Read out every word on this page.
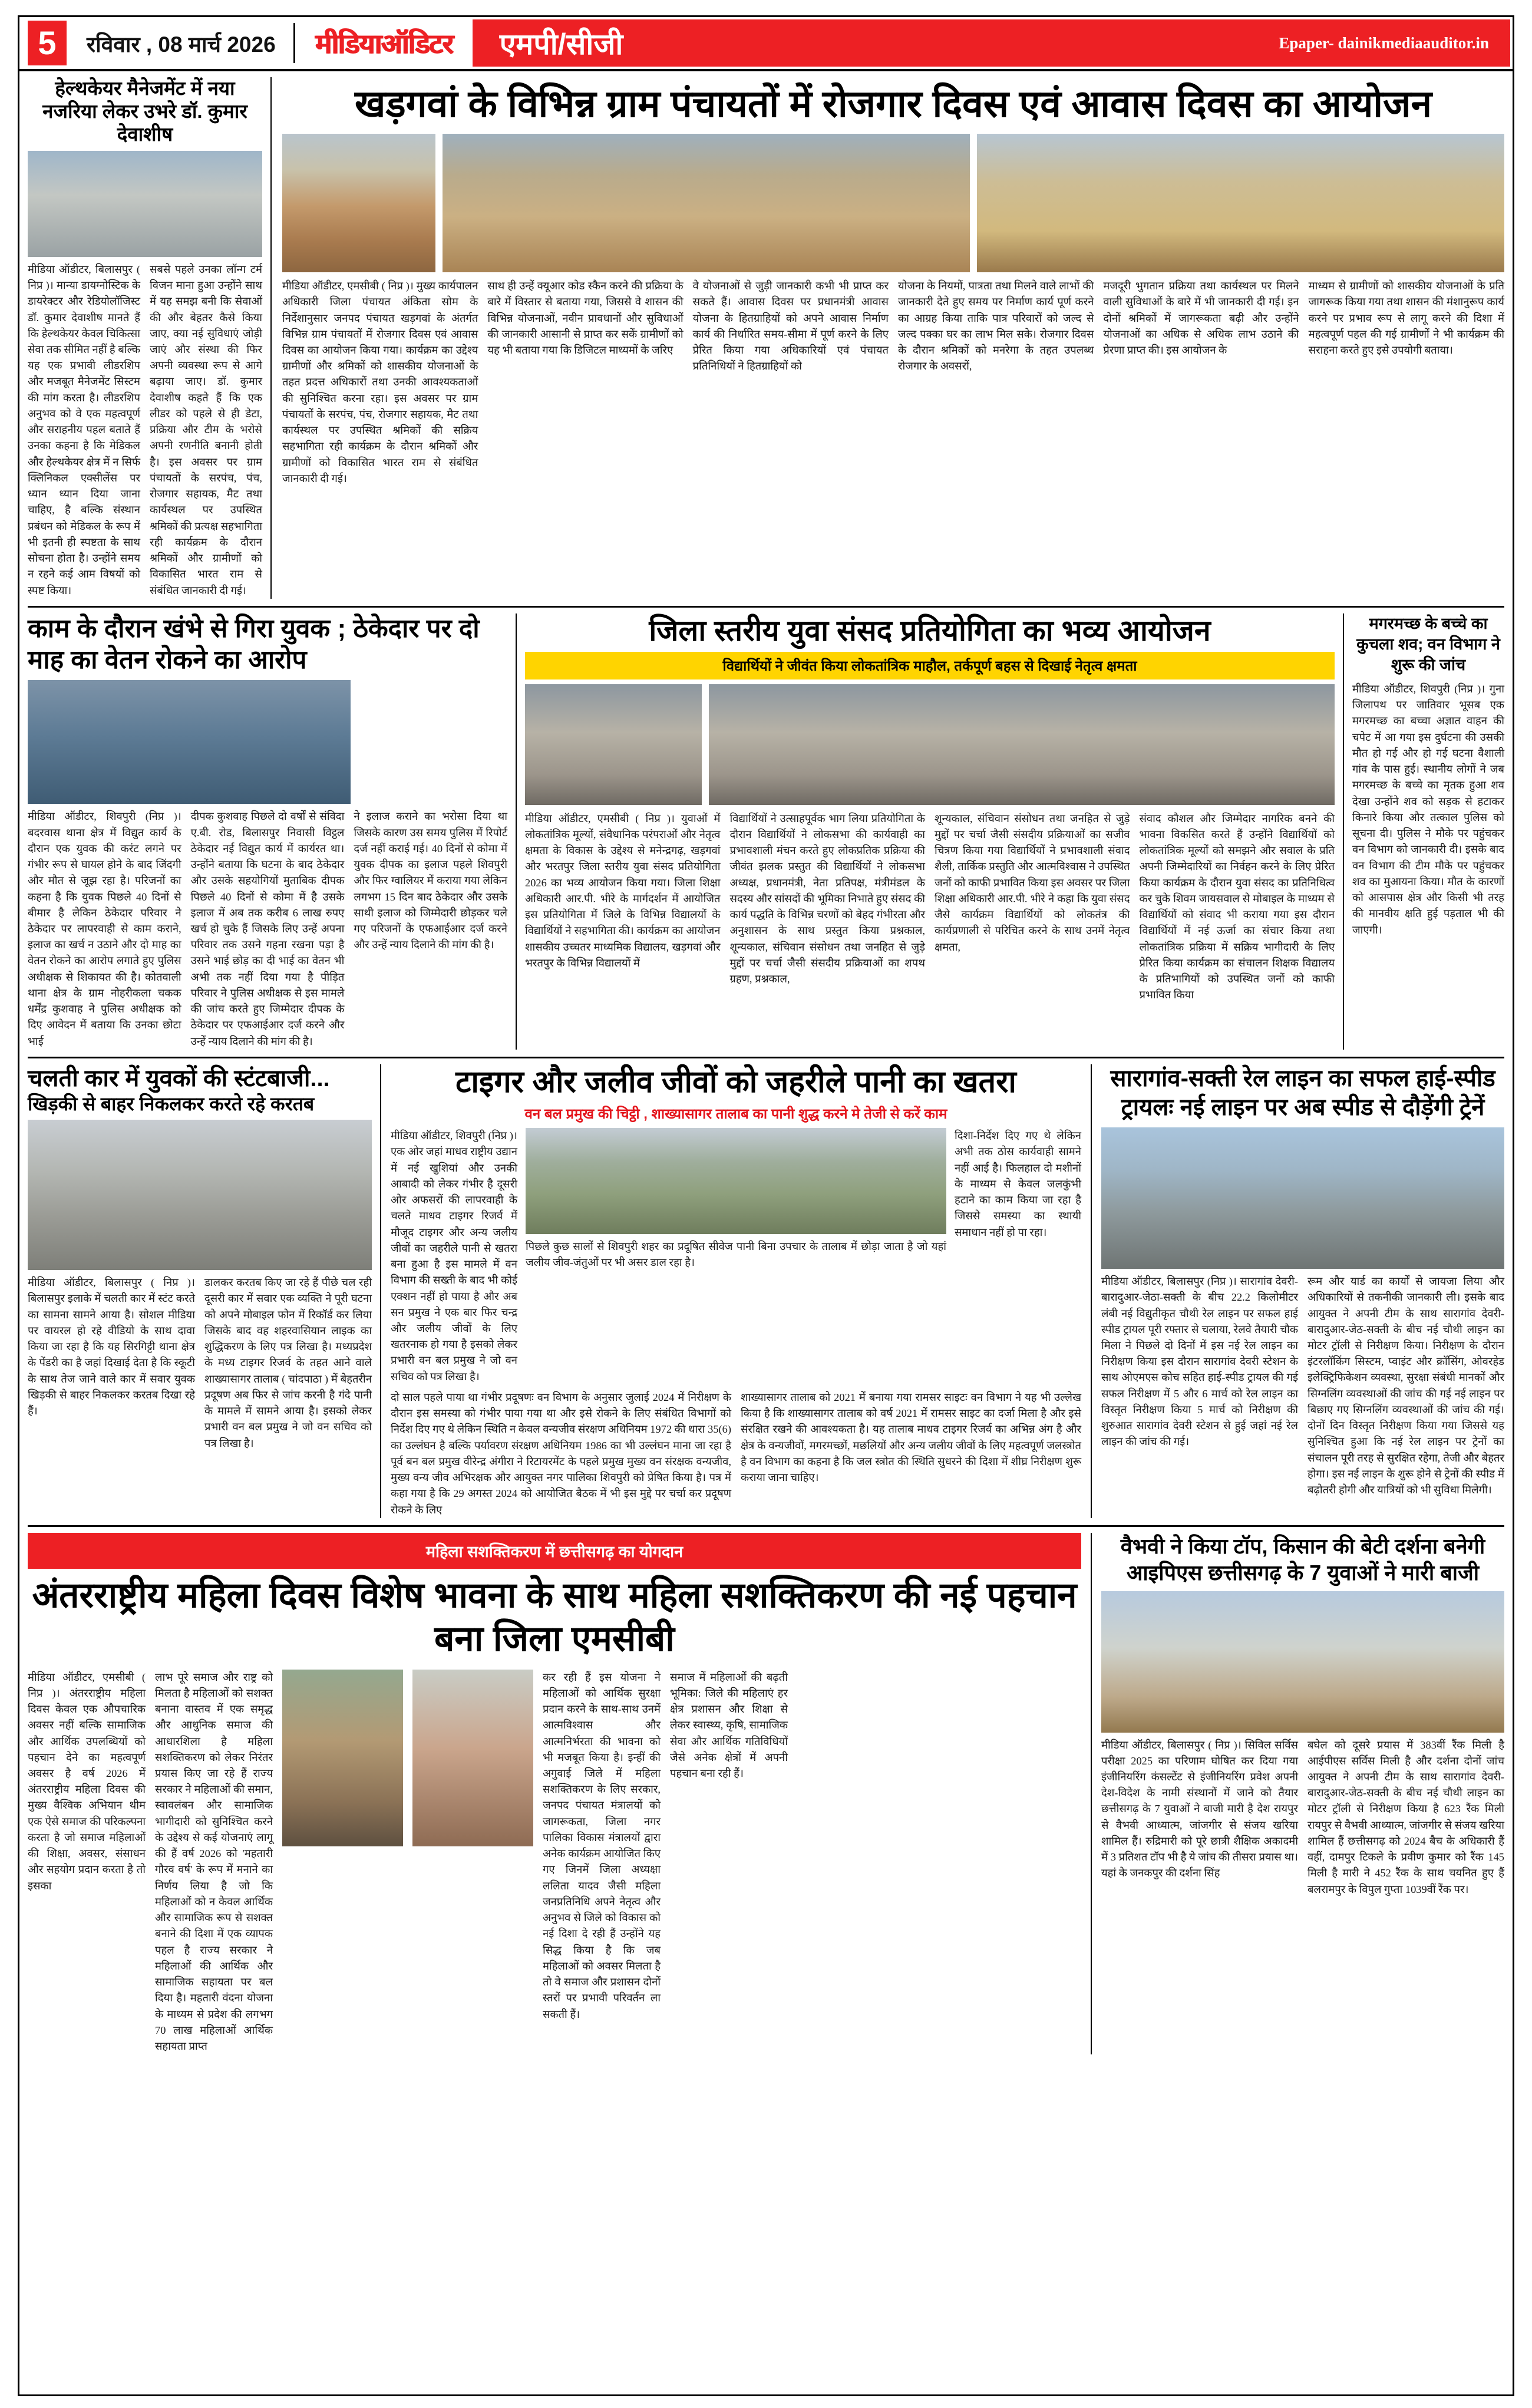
5	रविवार , 08 मार्च 2026	मीडियाऑडिटर	एमपी/सीजी	Epaper- dainikmediaauditor.in
हेल्थकेयर मैनेजमेंट में नया नजरिया लेकर उभरे डॉ. कुमार देवाशीष
मीडिया ऑडीटर, बिलासपुर ( निप्र )। मान्या डायग्नोस्टिक के डायरेक्टर और रेडियोलॉजिस्ट डॉ. कुमार देवाशीष मानते हैं कि हेल्थकेयर केवल चिकित्सा सेवा तक सीमित नहीं है बल्कि यह एक प्रभावी लीडरशिप और मजबूत मैनेजमेंट सिस्टम की मांग करता है। लीडरशिप अनुभव को वे एक महत्वपूर्ण और सराहनीय पहल बताते हैं उनका कहना है कि मेडिकल और हेल्थकेयर क्षेत्र में न सिर्फ क्लिनिकल एक्सीलेंस पर ध्यान ध्यान दिया जाना चाहिए, है बल्कि संस्थान प्रबंधन को मेडिकल के रूप में भी इतनी ही स्पष्टता के साथ सोचना होता है। उन्होंने समय न रहने कई आम विषयों को स्पष्ट किया।
सबसे पहले उनका लॉन्ग टर्म विजन माना हुआ उन्होंने साथ में यह समझ बनी कि सेवाओं की और बेहतर कैसे किया जाए, क्या नई सुविधाएं जोड़ी जाएं और संस्था की फिर अपनी व्यवस्था रूप से आगे बढ़ाया जाए। डॉ. कुमार देवाशीष कहते हैं कि एक लीडर को पहले से ही डेटा, प्रक्रिया और टीम के भरोसे अपनी रणनीति बनानी होती है। इस अवसर पर ग्राम पंचायतों के सरपंच, पंच, रोजगार सहायक, मैट तथा कार्यस्थल पर उपस्थित श्रमिकों की प्रत्यक्ष सहभागिता रही कार्यक्रम के दौरान श्रमिकों और ग्रामीणों को विकासित भारत राम से संबंधित जानकारी दी गई।
खड़गवां के विभिन्न ग्राम पंचायतों में रोजगार दिवस एवं आवास दिवस का आयोजन
मीडिया ऑडीटर, एमसीबी ( निप्र )। मुख्य कार्यपालन अधिकारी जिला पंचायत अंकिता सोम के निर्देशानुसार जनपद पंचायत खड़गवां के अंतर्गत विभिन्न ग्राम पंचायतों में रोजगार दिवस एवं आवास दिवस का आयोजन किया गया। कार्यक्रम का उद्देश्य ग्रामीणों और श्रमिकों को शासकीय योजनाओं के तहत प्रदत्त अधिकारों तथा उनकी आवश्यकताओं की सुनिश्चित करना रहा। इस अवसर पर ग्राम पंचायतों के सरपंच, पंच, रोजगार सहायक, मैट तथा कार्यस्थल पर उपस्थित श्रमिकों की सक्रिय सहभागिता रही कार्यक्रम के दौरान श्रमिकों और ग्रामीणों को विकासित भारत राम से संबंधित जानकारी दी गई।
साथ ही उन्हें क्यूआर कोड स्कैन करने की प्रक्रिया के बारे में विस्तार से बताया गया, जिससे वे शासन की विभिन्न योजनाओं, नवीन प्रावधानों और सुविधाओं की जानकारी आसानी से प्राप्त कर सकें ग्रामीणों को यह भी बताया गया कि डिजिटल माध्यमों के जरिए
वे योजनाओं से जुड़ी जानकारी कभी भी प्राप्त कर सकते हैं। आवास दिवस पर प्रधानमंत्री आवास योजना के हितग्राहियों को अपने आवास निर्माण कार्य की निर्धारित समय-सीमा में पूर्ण करने के लिए प्रेरित किया गया अधिकारियों एवं पंचायत प्रतिनिधियों ने हितग्राहियों को
योजना के नियमों, पात्रता तथा मिलने वाले लाभों की जानकारी देते हुए समय पर निर्माण कार्य पूर्ण करने का आग्रह किया ताकि पात्र परिवारों को जल्द से जल्द पक्का घर का लाभ मिल सके। रोजगार दिवस के दौरान श्रमिकों को मनरेगा के तहत उपलब्ध रोजगार के अवसरों,
मजदूरी भुगतान प्रक्रिया तथा कार्यस्थल पर मिलने वाली सुविधाओं के बारे में भी जानकारी दी गई। इन दोनों श्रमिकों में जागरूकता बढ़ी और उन्होंने योजनाओं का अधिक से अधिक लाभ उठाने की प्रेरणा प्राप्त की। इस आयोजन के
माध्यम से ग्रामीणों को शासकीय योजनाओं के प्रति जागरूक किया गया तथा शासन की मंशानुरूप कार्य करने पर प्रभाव रूप से लागू करने की दिशा में महत्वपूर्ण पहल की गई ग्रामीणों ने भी कार्यक्रम की सराहना करते हुए इसे उपयोगी बताया।
काम के दौरान खंभे से गिरा युवक ; ठेकेदार पर दो माह का वेतन रोकने का आरोप
मीडिया ऑडीटर, शिवपुरी (निप्र )। बदरवास थाना क्षेत्र में विद्युत कार्य के दौरान एक युवक की करंट लगने पर गंभीर रूप से घायल होने के बाद जिंदगी और मौत से जूझ रहा है। परिजनों का कहना है कि युवक पिछले 40 दिनों से बीमार है लेकिन ठेकेदार परिवार ने ठेकेदार पर लापरवाही से काम कराने, इलाज का खर्च न उठाने और दो माह का वेतन रोकने का आरोप लगाते हुए पुलिस अधीक्षक से शिकायत की है। कोतवाली थाना क्षेत्र के ग्राम नोहरीकला चकक धर्मेंद्र कुशवाह ने पुलिस अधीक्षक को दिए आवेदन में बताया कि उनका छोटा भाई
दीपक कुशवाह पिछले दो वर्षों से संविदा ए.बी. रोड, बिलासपुर निवासी विट्ठल ठेकेदार नर्ई विद्युत कार्य में कार्यरत था। उन्होंने बताया कि घटना के बाद ठेकेदार और उसके सहयोगियों मुताबिक दीपक पिछले 40 दिनों से कोमा में है उसके इलाज में अब तक करीब 6 लाख रुपए खर्च हो चुके हैं जिसके लिए उन्हें अपना परिवार तक उसने गहना रखना पड़ा है उसने भाई छोड़ का दी भाई का वेतन भी अभी तक नहीं दिया गया है पीड़ित परिवार ने पुलिस अधीक्षक से इस मामले की जांच करते हुए जिम्मेदार दीपक के ठेकेदार पर एफआईआर दर्ज करने और उन्हें न्याय दिलाने की मांग की है।
ने इलाज कराने का भरोसा दिया था जिसके कारण उस समय पुलिस में रिपोर्ट दर्ज नहीं कराई गई। 40 दिनों से कोमा में युवक दीपक का इलाज पहले शिवपुरी और फिर ग्वालियर में कराया गया लेकिन लगभग 15 दिन बाद ठेकेदार और उसके साथी इलाज को जिम्मेदारी छोड़कर चले गए परिजनों के एफआईआर दर्ज करने और उन्हें न्याय दिलाने की मांग की है।
जिला स्तरीय युवा संसद प्रतियोगिता का भव्य आयोजन
विद्यार्थियों ने जीवंत किया लोकतांत्रिक माहौल, तर्कपूर्ण बहस से दिखाई नेतृत्व क्षमता
मीडिया ऑडीटर, एमसीबी ( निप्र )। युवाओं में लोकतांत्रिक मूल्यों, संवैधानिक परंपराओं और नेतृत्व क्षमता के विकास के उद्देश्य से मनेन्द्रगढ़, खड़गवां और भरतपुर जिला स्तरीय युवा संसद प्रतियोगिता 2026 का भव्य आयोजन किया गया। जिला शिक्षा अधिकारी आर.पी. भीरे के मार्गदर्शन में आयोजित इस प्रतियोगिता में जिले के विभिन्न विद्यालयों के विद्यार्थियों ने सहभागिता की। कार्यक्रम का आयोजन शासकीय उच्चतर माध्यमिक विद्यालय, खड़गवां और भरतपुर के विभिन्न विद्यालयों में
विद्यार्थियों ने उत्साहपूर्वक भाग लिया प्रतियोगिता के दौरान विद्यार्थियों ने लोकसभा की कार्यवाही का प्रभावशाली मंचन करते हुए लोकप्रतिक प्रक्रिया की जीवंत झलक प्रस्तुत की विद्यार्थियों ने लोकसभा अध्यक्ष, प्रधानमंत्री, नेता प्रतिपक्ष, मंत्रीमंडल के सदस्य और सांसदों की भूमिका निभाते हुए संसद की कार्य पद्धति के विभिन्न चरणों को बेहद गंभीरता और अनुशासन के साथ प्रस्तुत किया प्रश्नकाल, शून्यकाल, संचिवान संसोधन तथा जनहित से जुड़े मुद्दों पर चर्चा जैसी संसदीय प्रक्रियाओं का शपथ ग्रहण, प्रश्नकाल,
शून्यकाल, संचिवान संसोधन तथा जनहित से जुड़े मुद्दों पर चर्चा जैसी संसदीय प्रक्रियाओं का सजीव चित्रण किया गया विद्यार्थियों ने प्रभावशाली संवाद शैली, तार्किक प्रस्तुति और आत्मविश्वास ने उपस्थित जनों को काफी प्रभावित किया इस अवसर पर जिला शिक्षा अधिकारी आर.पी. भीरे ने कहा कि युवा संसद जैसे कार्यक्रम विद्यार्थियों को लोकतंत्र की कार्यप्रणाली से परिचित करने के साथ उनमें नेतृत्व क्षमता,
संवाद कौशल और जिम्मेदार नागरिक बनने की भावना विकसित करते हैं उन्होंने विद्यार्थियों को लोकतांत्रिक मूल्यों को समझने और सवाल के प्रति अपनी जिम्मेदारियों का निर्वहन करने के लिए प्रेरित किया कार्यक्रम के दौरान युवा संसद का प्रतिनिधित्व कर चुके शिवम जायसवाल से मोबाइल के माध्यम से विद्यार्थियों को संवाद भी कराया गया इस दौरान विद्यार्थियों में नई ऊर्जा का संचार किया तथा लोकतांत्रिक प्रक्रिया में सक्रिय भागीदारी के लिए प्रेरित किया कार्यक्रम का संचालन शिक्षक विद्यालय के प्रतिभागियों को उपस्थित जनों को काफी प्रभावित किया
मगरमच्छ के बच्चे का कुचला शव; वन विभाग ने शुरू की जांच
मीडिया ऑडीटर, शिवपुरी (निप्र )। गुना जिलापथ पर जातिवार भूसब एक मगरमच्छ का बच्चा अज्ञात वाहन की चपेट में आ गया इस दुर्घटना की उसकी मौत हो गई और हो गई घटना वैशाली गांव के पास हुई। स्थानीय लोगों ने जब मगरमच्छ के बच्चे का मृतक हुआ शव देखा उन्होंने शव को सड़क से हटाकर किनारे किया और तत्काल पुलिस को सूचना दी। पुलिस ने मौके पर पहुंचकर वन विभाग को जानकारी दी। इसके बाद वन विभाग की टीम मौके पर पहुंचकर शव का मुआयना किया। मौत के कारणों को आसपास क्षेत्र और किसी भी तरह की मानवीय क्षति हुई पड़ताल भी की जाएगी।
चलती कार में युवकों की स्टंटबाजी...
खिड़की से बाहर निकलकर करते रहे करतब
मीडिया ऑडीटर, बिलासपुर ( निप्र )। बिलासपुर इलाके में चलती कार में स्टंट करते का सामना सामने आया है। सोशल मीडिया पर वायरल हो रहे वीडियो के साथ दावा किया जा रहा है कि यह सिरगिट्टी थाना क्षेत्र के पेंडरी का है जहां दिखाई देता है कि स्कूटी के साथ तेज जाने वाले कार में सवार युवक खिड़की से बाहर निकलकर करतब दिखा रहे हैं।
डालकर करतब किए जा रहे हैं पीछे चल रही दूसरी कार में सवार एक व्यक्ति ने पूरी घटना को अपने मोबाइल फोन में रिकॉर्ड कर लिया जिसके बाद वह शहरवासियान लाइक का शुद्धिकरण के लिए पत्र लिखा है। मध्यप्रदेश के मध्य टाइगर रिजर्व के तहत आने वाले शाख्यासागर तालाब ( चांदपाठा ) में बेहतरीन प्रदूषण अब फिर से जांच करनी है गंदे पानी के मामले में सामने आया है। इसको लेकर प्रभारी वन बल प्रमुख ने जो वन सचिव को पत्र लिखा है।
टाइगर और जलीव जीवों को जहरीले पानी का खतरा
वन बल प्रमुख की चिट्ठी , शाख्यासागर तालाब का पानी शुद्ध करने मे तेजी से करें काम
मीडिया ऑडीटर, शिवपुरी (निप्र )। एक ओर जहां माधव राष्ट्रीय उद्यान में नई खुशियां और उनकी आबादी को लेकर गंभीर है दूसरी ओर अफसरों की लापरवाही के चलते माधव टाइगर रिजर्व में मौजूद टाइगर और अन्य जलीय जीवों का जहरीले पानी से खतरा बना हुआ है इस मामले में वन विभाग की सख्ती के बाद भी कोई एक्शन नहीं हो पाया है और अब सन प्रमुख ने एक बार फिर चन्द्र और जलीय जीवों के लिए खतरनाक हो गया है इसको लेकर प्रभारी वन बल प्रमुख ने जो वन सचिव को पत्र लिखा है।
पिछले कुछ सालों से शिवपुरी शहर का प्रदूषित सीवेज पानी बिना उपचार के तालाब में छोड़ा जाता है जो यहां जलीय जीव-जंतुओं पर भी असर डाल रहा है।
दिशा-निर्देश दिए गए थे लेकिन अभी तक ठोस कार्यवाही सामने नहीं आई है। फिलहाल दो मशीनों के माध्यम से केवल जलकुंभी हटाने का काम किया जा रहा है जिससे समस्या का स्थायी समाधान नहीं हो पा रहा।
दो साल पहले पाया था गंभीर प्रदूषणः वन विभाग के अनुसार जुलाई 2024 में निरीक्षण के दौरान इस समस्या को गंभीर पाया गया था और इसे रोकने के लिए संबंधित विभागों को निर्देश दिए गए थे लेकिन स्थिति न केवल वन्यजीव संरक्षण अधिनियम 1972 की धारा 35(6) का उल्लंघन है बल्कि पर्यावरण संरक्षण अधिनियम 1986 का भी उल्लंघन माना जा रहा है पूर्व बन बल प्रमुख वीरेन्द्र अंगीरा ने रिटायरमेंट के पहले प्रमुख मुख्य वन संरक्षक वन्यजीव, मुख्य वन्य जीव अभिरक्षक और आयुक्त नगर पालिका शिवपुरी को प्रेषित किया है। पत्र में कहा गया है कि 29 अगस्त 2024 को आयोजित बैठक में भी इस मुद्दे पर चर्चा कर प्रदूषण रोकने के लिए
शाख्यासागर तालाब को 2021 में बनाया गया रामसर साइटः वन विभाग ने यह भी उल्लेख किया है कि शाख्यासागर तालाब को वर्ष 2021 में रामसर साइट का दर्जा मिला है और इसे संरक्षित रखने की आवश्यकता है। यह तालाब माधव टाइगर रिजर्व का अभिन्न अंग है और क्षेत्र के वन्यजीवों, मगरमच्छों, मछलियों और अन्य जलीय जीवों के लिए महत्वपूर्ण जलस्त्रोत है वन विभाग का कहना है कि जल स्त्रोत की स्थिति सुधरने की दिशा में शीघ्र निरीक्षण शुरू कराया जाना चाहिए।
सारागांव-सक्ती रेल लाइन का सफल हाई-स्पीड ट्रायलः नई लाइन पर अब स्पीड से दौड़ेंगी ट्रेनें
मीडिया ऑडीटर, बिलासपुर (निप्र )। सारागांव देवरी-बारादुआर-जेठा-सक्ती के बीच 22.2 किलोमीटर लंबी नई विद्युतीकृत चौथी रेल लाइन पर सफल हाई स्पीड ट्रायल पूरी रफ्तार से चलाया, रेलवे तैयारी चौक मिला ने पिछले दो दिनों में इस नई रेल लाइन का निरीक्षण किया इस दौरान सारागांव देवरी स्टेशन के साथ ओएमएस कोच सहित हाई-स्पीड ट्रायल की गई सफल निरीक्षण में 5 और 6 मार्च को रेल लाइन का विस्तृत निरीक्षण किया 5 मार्च को निरीक्षण की शुरुआत सारागांव देवरी स्टेशन से हुई जहां नई रेल लाइन की जांच की गई।
रूम और यार्ड का कार्यों से जायजा लिया और अधिकारियों से तकनीकी जानकारी ली। इसके बाद आयुक्त ने अपनी टीम के साथ सारागांव देवरी-बारादुआर-जेठ-सक्ती के बीच नई चौथी लाइन का मोटर ट्रॉली से निरीक्षण किया। निरीक्षण के दौरान इंटरलॉकिंग सिस्टम, प्वाइंट और क्रॉसिंग, ओवरहेड इलेक्ट्रिफिकेशन व्यवस्था, सुरक्षा संबंधी मानकों और सिग्नलिंग व्यवस्थाओं की जांच की गई नई लाइन पर बिछाए गए सिग्नलिंग व्यवस्थाओं की जांच की गई। दोनों दिन विस्तृत निरीक्षण किया गया जिससे यह सुनिश्चित हुआ कि नई रेल लाइन पर ट्रेनों का संचालन पूरी तरह से सुरक्षित रहेगा, तेजी और बेहतर होगा। इस नई लाइन के शुरू होने से ट्रेनों की स्पीड में बढ़ोतरी होगी और यात्रियों को भी सुविधा मिलेगी।
महिला सशक्तिकरण में छत्तीसगढ़ का योगदान
अंतरराष्ट्रीय महिला दिवस विशेष भावना के साथ महिला सशक्तिकरण की नई पहचान बना जिला एमसीबी
मीडिया ऑडीटर, एमसीबी ( निप्र )। अंतरराष्ट्रीय महिला दिवस केवल एक औपचारिक अवसर नहीं बल्कि सामाजिक और आर्थिक उपलब्धियों को पहचान देने का महत्वपूर्ण अवसर है वर्ष 2026 में अंतरराष्ट्रीय महिला दिवस की मुख्य वैश्विक अभियान थीम एक ऐसे समाज की परिकल्पना करता है जो समाज महिलाओं की शिक्षा, अवसर, संसाधन और सहयोग प्रदान करता है तो इसका
लाभ पूरे समाज और राष्ट्र को मिलता है महिलाओं को सशक्त बनाना वास्तव में एक समृद्ध और आधुनिक समाज की आधारशिला है महिला सशक्तिकरण को लेकर निरंतर प्रयास किए जा रहे हैं राज्य सरकार ने महिलाओं की समान, स्वावलंबन और सामाजिक भागीदारी को सुनिश्चित करने के उद्देश्य से कई योजनाएं लागू की हैं वर्ष 2026 को 'महतारी गौरव वर्ष' के रूप में मनाने का निर्णय लिया है जो कि महिलाओं को न केवल आर्थिक और सामाजिक रूप से सशक्त बनाने की दिशा में एक व्यापक पहल है राज्य सरकार ने महिलाओं की आर्थिक और सामाजिक सहायता पर बल दिया है। महतारी वंदना योजना के माध्यम से प्रदेश की लगभग 70 लाख महिलाओं आर्थिक सहायता प्राप्त
कर रही हैं इस योजना ने महिलाओं को आर्थिक सुरक्षा प्रदान करने के साथ-साथ उनमें आत्मविश्वास और आत्मनिर्भरता की भावना को भी मजबूत किया है। इन्हीं की अगुवाई जिले में महिला सशक्तिकरण के लिए सरकार, जनपद पंचायत मंत्रालयों को जागरूकता, जिला नगर पालिका विकास मंत्रालयों द्वारा अनेक कार्यक्रम आयोजित किए गए जिनमें जिला अध्यक्षा ललिता यादव जैसी महिला जनप्रतिनिधि अपने नेतृत्व और अनुभव से जिले को विकास को नई दिशा दे रही हैं उन्होंने यह सिद्ध किया है कि जब महिलाओं को अवसर मिलता है तो वे समाज और प्रशासन दोनों स्तरों पर प्रभावी परिवर्तन ला सकती हैं।
समाज में महिलाओं की बढ़ती भूमिका: जिले की महिलाएं हर क्षेत्र प्रशासन और शिक्षा से लेकर स्वास्थ्य, कृषि, सामाजिक सेवा और आर्थिक गतिविधियों जैसे अनेक क्षेत्रों में अपनी पहचान बना रही हैं।
वैभवी ने किया टॉप, किसान की बेटी दर्शना बनेगी आइपिएस छत्तीसगढ़ के 7 युवाओं ने मारी बाजी
मीडिया ऑडीटर, बिलासपुर ( निप्र )। सिविल सर्विस परीक्षा 2025 का परिणाम घोषित कर दिया गया इंजीनियरिंग कंसल्टेंट से इंजीनियरिंग प्रवेश अपनी देश-विदेश के नामी संस्थानों में जाने को तैयार छत्तीसगढ़ के 7 युवाओं ने बाजी मारी है देश रायपुर से वैभवी आध्यात्म, जांजगीर से संजय खरिया शामिल हैं। रुद्रिमारी को पूरे छात्री शैक्षिक अकादमी में 3 प्रतिशत टॉप भी है ये जांच की तीसरा प्रयास था। यहां के जनकपुर की दर्शना सिंह
बघेल को दूसरे प्रयास में 383वीं रैंक मिली है आईपीएस सर्विस मिली है और दर्शना दोनों जांच आयुक्त ने अपनी टीम के साथ सारागांव देवरी-बारादुआर-जेठ-सक्ती के बीच नई चौथी लाइन का मोटर ट्रॉली से निरीक्षण किया है 623 रैंक मिली रायपुर से वैभवी आध्यात्म, जांजगीर से संजय खरिया शामिल हैं छत्तीसगढ़ को 2024 बैच के अधिकारी हैं वहीं, दामपुर टिकले के प्रवीण कुमार को रैंक 145 मिली है मारी ने 452 रैंक के साथ चयनित हुए हैं बलरामपुर के विपुल गुप्ता 1039वीं रैंक पर।
